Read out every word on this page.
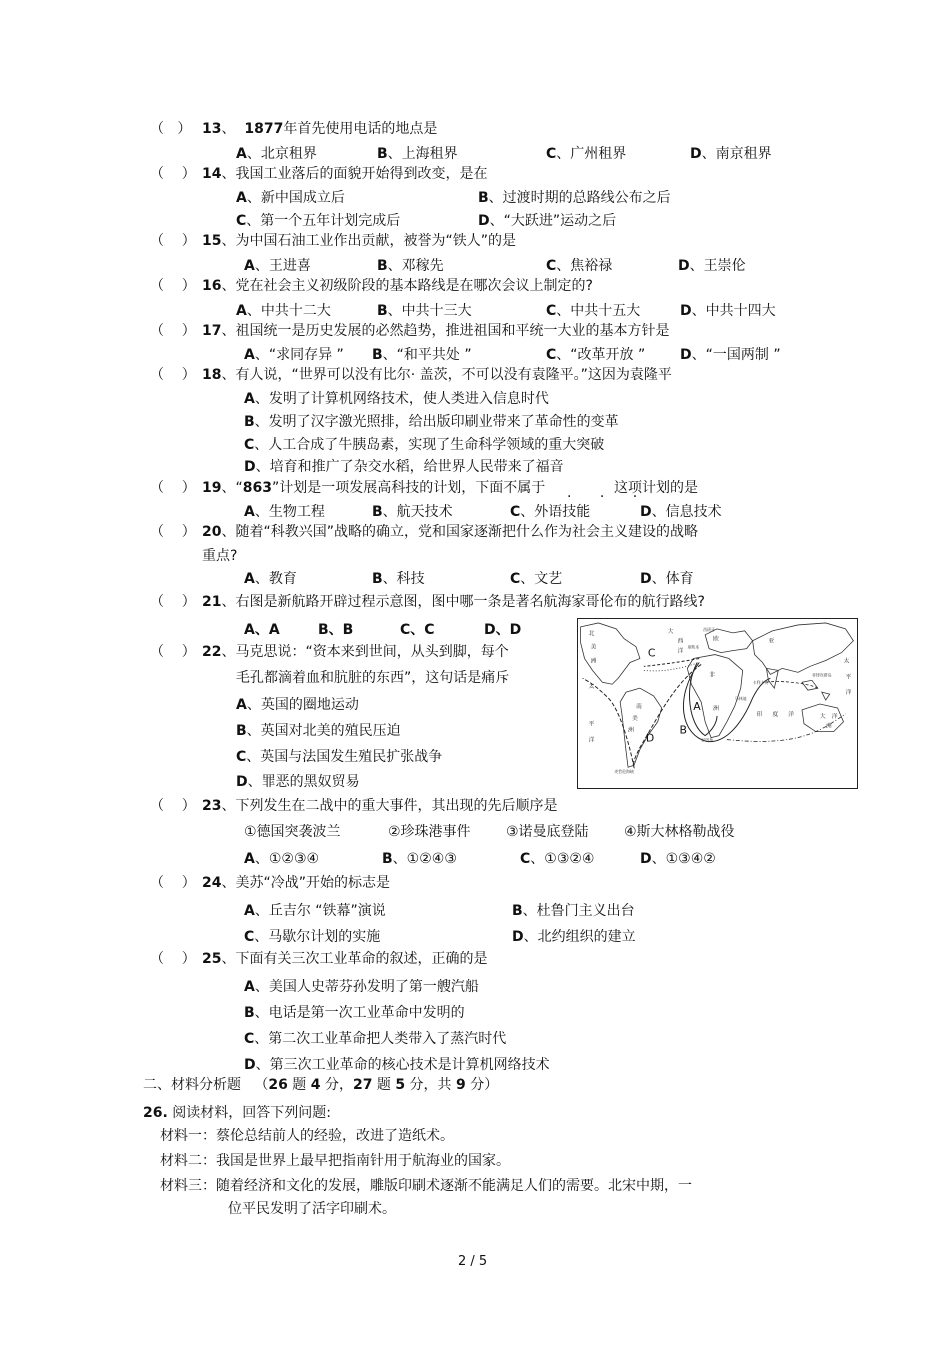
（ ） 13、 1877年首先使用电话的地点是
A、北京租界	B、上海租界	C、广州租界	D、南京租界
（    ） 14、我国工业落后的面貌开始得到改变，是在
A、新中国成立后	B、过渡时期的总路线公布之后
C、第一个五年计划完成后	D、“大跃进”运动之后
（    ） 15、为中国石油工业作出贡献，被誉为“铁人”的是
A、王进喜	B、邓稼先	C、焦裕禄	D、王崇伦
（    ） 16、党在社会主义初级阶段的基本路线是在哪次会议上制定的?
A、中共十二大	B、中共十三大	C、中共十五大	D、中共十四大
（    ） 17、祖国统一是历史发展的必然趋势，推进祖国和平统一大业的基本方针是
A、“求同存异 ” B、“和平共处 ”	C、“改革开放 ” D、“一国两制 ”
（    ） 18、有人说，“世界可以没有比尔· 盖茨，不可以没有袁隆平。”这因为袁隆平
A、发明了计算机网络技术，使人类进入信息时代
B、发明了汉字激光照排，给出版印刷业带来了革命性的变革
C、人工合成了牛胰岛素，实现了生命科学领域的重大突破
D、培育和推广了杂交水稻，给世界人民带来了福音
（    ） 19、“863”计划是一项发展高科技的计划，下面不属于
· · ·
这项计划的是
A、生物工程	B、航天技术	C、外语技能	D、信息技术
（    ） 20、随着“科教兴国”战略的确立，党和国家逐渐把什么作为社会主义建设的战略
重点?
A、教育	B、科技	C、文艺	D、体育
（    ） 21、右图是新航路开辟过程示意图，图中哪一条是著名航海家哥伦布的航行路线?
A、A	B、B	C、C	D、D
（    ） 22、马克思说：“资本来到世间，从头到脚，每个
毛孔都滴着血和肮脏的东西”，这句话是痛斥
A、英国的圈地运动
B、英国对北美的殖民压迫
C、英国与法国发生殖民扩张战争
D、罪恶的黑奴贸易
C
A
B
D
北
美
洲
大
西
洋
太
平
洋
南
美
洲
亚
非
洲
印 度 洋
欧
太
平
洋
大 洋
洲
西班牙
里斯本
好望角
卡利卡特
马林迪
麦哲伦海峡
菲律宾群岛
（    ） 23、下列发生在二战中的重大事件，其出现的先后顺序是
①德国突袭波兰	②珍珠港事件	③诺曼底登陆	④斯大林格勒战役
A、①②③④	B、①②④③	C、①③②④	D、①③④②
（    ） 24、美苏“冷战”开始的标志是
A、丘吉尔 “铁幕”演说	B、杜鲁门主义出台
C、马歇尔计划的实施	D、北约组织的建立
（    ） 25、下面有关三次工业革命的叙述，正确的是
A、美国人史蒂芬孙发明了第一艘汽船
B、电话是第一次工业革命中发明的
C、第二次工业革命把人类带入了蒸汽时代
D、第三次工业革命的核心技术是计算机网络技术
二、材料分析题 （26 题 4 分，27 题 5 分，共 9 分）
26. 阅读材料，回答下列问题:
材料一：蔡伦总结前人的经验，改进了造纸术。
材料二：我国是世界上最早把指南针用于航海业的国家。
材料三：随着经济和文化的发展，雕版印刷术逐渐不能满足人们的需要。北宋中期，一
位平民发明了活字印刷术。
2 / 5
